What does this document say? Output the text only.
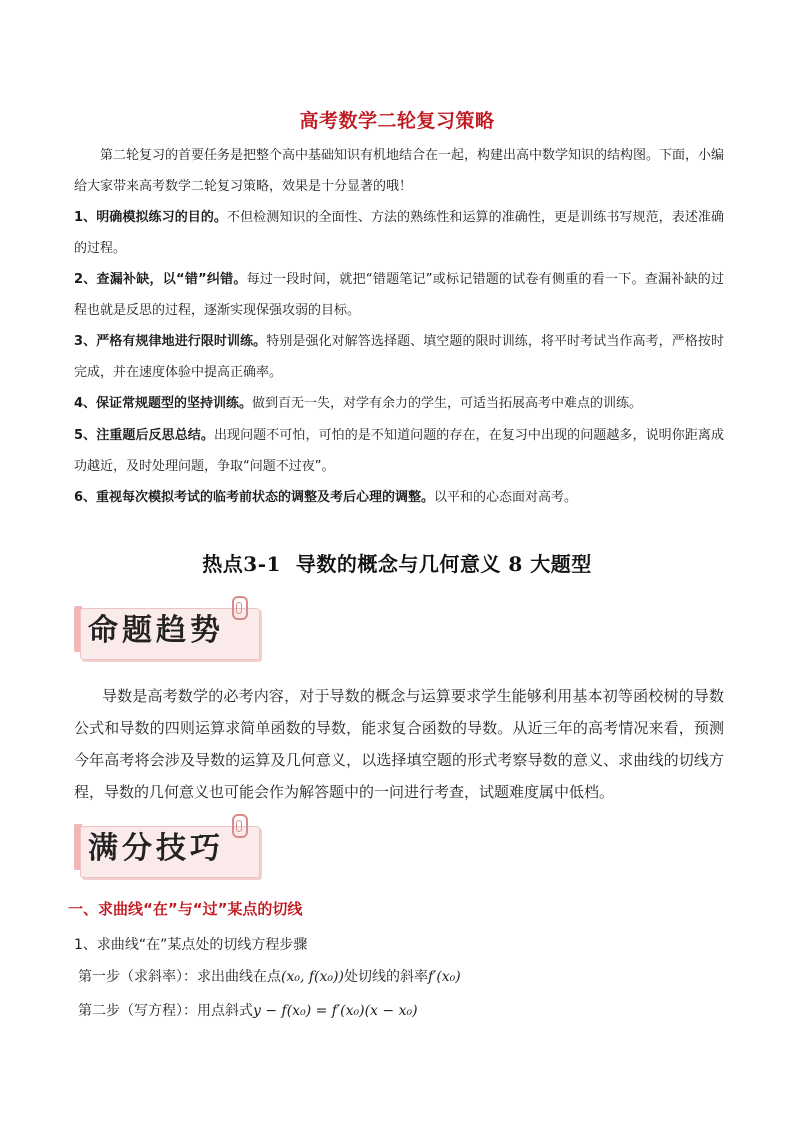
高考数学二轮复习策略
第二轮复习的首要任务是把整个高中基础知识有机地结合在一起，构建出高中数学知识的结构图。下面，小编给大家带来高考数学二轮复习策略，效果是十分显著的哦！
1、明确模拟练习的目的。不但检测知识的全面性、方法的熟练性和运算的准确性，更是训练书写规范，表述准确的过程。
2、查漏补缺，以“错”纠错。每过一段时间，就把“错题笔记”或标记错题的试卷有侧重的看一下。查漏补缺的过程也就是反思的过程，逐渐实现保强攻弱的目标。
3、严格有规律地进行限时训练。特别是强化对解答选择题、填空题的限时训练，将平时考试当作高考，严格按时完成，并在速度体验中提高正确率。
4、保证常规题型的坚持训练。做到百无一失，对学有余力的学生，可适当拓展高考中难点的训练。
5、注重题后反思总结。出现问题不可怕，可怕的是不知道问题的存在，在复习中出现的问题越多，说明你距离成功越近，及时处理问题，争取“问题不过夜”。
6、重视每次模拟考试的临考前状态的调整及考后心理的调整。以平和的心态面对高考。
热点3-1 导数的概念与几何意义 8 大题型
命题趋势
导数是高考数学的必考内容，对于导数的概念与运算要求学生能够利用基本初等函校树的导数公式和导数的四则运算求简单函数的导数，能求复合函数的导数。从近三年的高考情况来看，预测今年高考将会涉及导数的运算及几何意义，以选择填空题的形式考察导数的意义、求曲线的切线方程，导数的几何意义也可能会作为解答题中的一问进行考查，试题难度属中低档。
满分技巧
一、求曲线“在”与“过”某点的切线
1、求曲线“在”某点处的切线方程步骤
第一步（求斜率）：求出曲线在点(x₀, f(x₀))处切线的斜率f′(x₀)
第二步（写方程）：用点斜式y − f(x₀) = f′(x₀)(x − x₀)
